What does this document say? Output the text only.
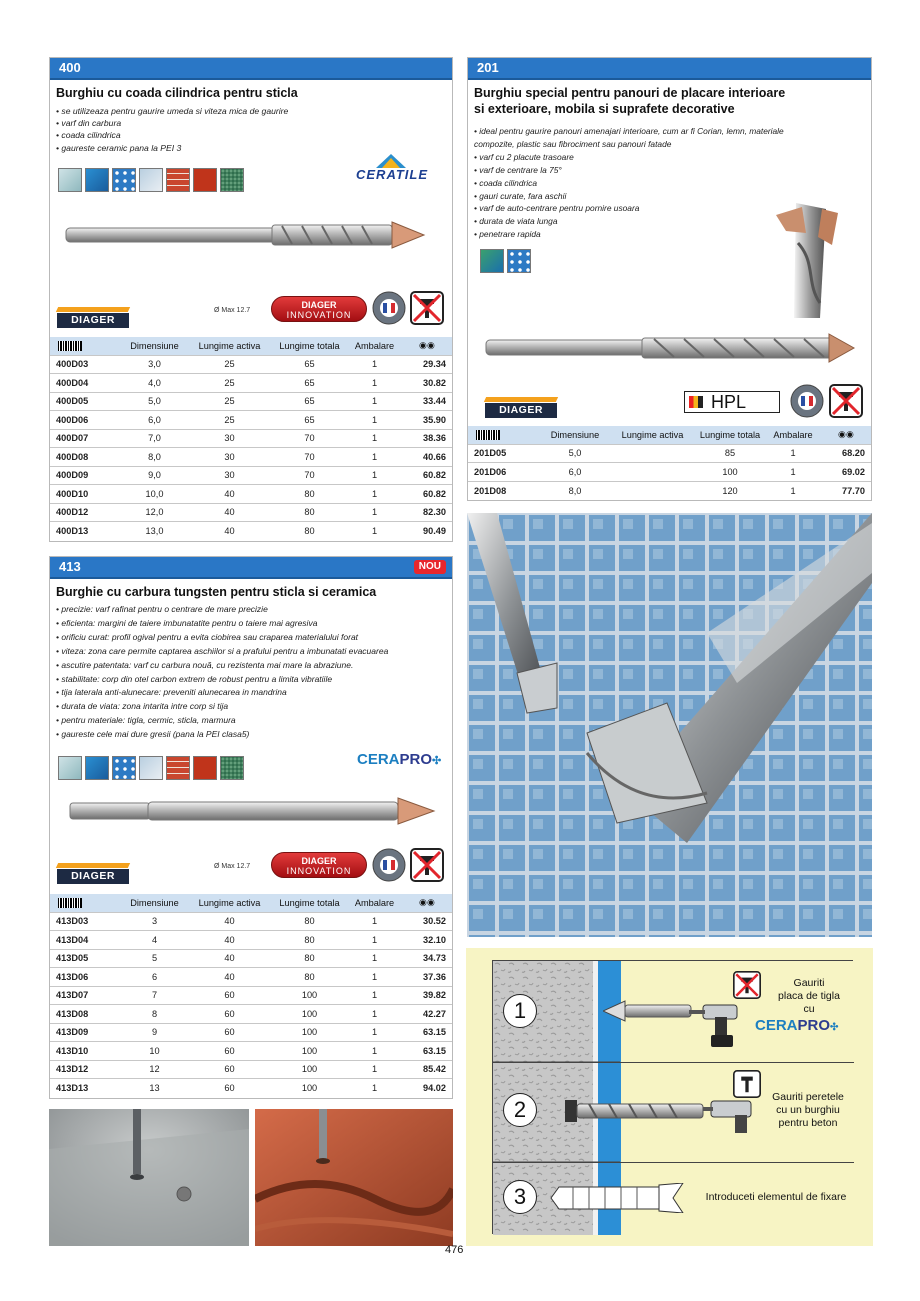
400
Burghiu cu coada cilindrica pentru sticla
• se utilizeaza pentru gaurire umeda si viteza mica de gaurire
• varf din carbura
• coada cilindrica
• gaureste ceramic pana la PEI 3
CERATILE
DIAGER
Ø Max 12.7
DIAGER
INNOVATION
	Dimensiune	Lungime activa	Lungime totala	Ambalare	◉◉
400D03	3,0	25	65	1	29.34
400D04	4,0	25	65	1	30.82
400D05	5,0	25	65	1	33.44
400D06	6,0	25	65	1	35.90
400D07	7,0	30	70	1	38.36
400D08	8,0	30	70	1	40.66
400D09	9,0	30	70	1	60.82
400D10	10,0	40	80	1	60.82
400D12	12,0	40	80	1	82.30
400D13	13,0	40	80	1	90.49
201
Burghiu special pentru panouri de placare interioare
si exterioare, mobila si suprafete decorative
• ideal pentru gaurire panouri amenajari interioare, cum ar fi Corian, lemn, materiale
compozite, plastic sau fibrociment sau panouri fatade
• varf cu 2 placute trasoare
• varf de centrare la 75°
• coada cilindrica
• gauri curate, fara aschii
• varf de auto-centrare pentru pornire usoara
• durata de viata lunga
• penetrare rapida
DIAGER	HPL
	Dimensiune	Lungime activa	Lungime totala	Ambalare	◉◉
201D05	5,0		85	1	68.20
201D06	6,0		100	1	69.02
201D08	8,0		120	1	77.70
413	NOU
Burghie cu carbura tungsten pentru sticla si ceramica
• precizie: varf rafinat pentru o centrare de mare precizie
• eficienta: margini de taiere imbunatatite pentru o taiere mai agresiva
• orificiu curat: profil ogival pentru a evita ciobirea sau craparea materialului forat
• viteza: zona care permite captarea aschiilor si a prafului pentru a imbunatati evacuarea
• ascutire patentata: varf cu carbura nouă, cu rezistenta mai mare la abraziune.
• stabilitate: corp din otel carbon extrem de robust pentru a limita vibratiile
• tija laterala anti-alunecare: preveniti alunecarea in mandrina
• durata de viata: zona intarita intre corp si tija
• pentru materiale: tigla, cermic, sticla, marmura
• gaureste cele mai dure gresii (pana la PEI clasa5)
CERAPRO✣
DIAGER
Ø Max 12.7
DIAGER
INNOVATION
	Dimensiune	Lungime activa	Lungime totala	Ambalare	◉◉
413D03	3	40	80	1	30.52
413D04	4	40	80	1	32.10
413D05	5	40	80	1	34.73
413D06	6	40	80	1	37.36
413D07	7	60	100	1	39.82
413D08	8	60	100	1	42.27
413D09	9	60	100	1	63.15
413D10	10	60	100	1	63.15
413D12	12	60	100	1	85.42
413D13	13	60	100	1	94.02
1
Gauriti
placa de tigla
cu
CERAPRO✣
2	Gauriti peretele
cu un burghiu
pentru beton
3	Introduceti elementul de fixare
476
